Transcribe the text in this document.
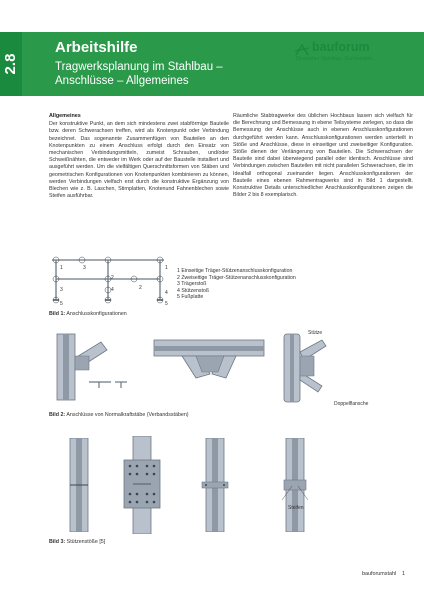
2.8
Arbeitshilfe
Tragwerksplanung im Stahlbau –
Anschlüsse – Allgemeines
bauforumstahl
Deutscher Stahlbau. Gut beraten.
Allgemeines

Der konstruktive Punkt, an dem sich mindestens zwei stabförmige Bauteile bzw. deren Schwerachsen treffen, wird als Knotenpunkt oder Verbindung bezeichnet. Das sogenannte Zusammenfügen von Bauteilen an den Knotenpunkten zu einem Anschluss erfolgt durch den Einsatz von mechanischen Verbindungsmitteln, zumeist Schrauben, und/oder Schweißnähten, die entweder im Werk oder auf der Baustelle installiert und ausgeführt werden. Um die vielfältigen Querschnittsformen von Stäben und geometrischen Konfigurationen von Knotenpunkten kombinieren zu können, werden Verbindungen vielfach erst durch die konstruktive Ergänzung von Blechen wie z. B. Laschen, Stirnplatten, Knotenund Fahnenblechen sowie Steifen ausführbar.

Räumliche Stabtragwerke des üblichen Hochbaus lassen sich vielfach für die Berechnung und Bemessung in ebene Teilsysteme zerlegen, so dass die Bemessung der Anschlüsse auch in ebenen Anschlusskonfigurationen durchgeführt werden kann. Anschlusskonfigurationen werden unterteilt in Stöße und Anschlüsse, diese in einseitiger und zweiseitiger Konfiguration. Stöße dienen der Verlängerung von Bauteilen. Die Schwerachsen der Bauteile sind dabei überwiegend parallel oder identisch. Anschlüsse sind Verbindungen zwischen Bauteilen mit nicht parallelen Schwerachsen, die im Idealfall orthogonal zueinander liegen. Anschlusskonfigurationen der Bauteile eines ebenen Rahmentragwerks sind in Bild 1 dargestellt. Konstruktive Details unterschiedlicher Anschlusskonfigurationen zeigen die Bilder 2 bis 8 exemplarisch.

1	3
3
1
2
4
5
2
4
5
1 Einseitige Träger-Stützenanschlusskonfiguration
2 Zweiseitige Träger-Stützenanschlusskonfiguration
3 Trägerstoß
4 Stützenstoß
5 Fußplatte
Bild 1: Anschlusskonfigurationen
Stütze
Doppelflansche
Bild 2: Anschlüsse von Normalkraftstäbe (Verbandsstäben)
Steifen
Bild 3: Stützenstöße [5]
bauforumstahl 1
